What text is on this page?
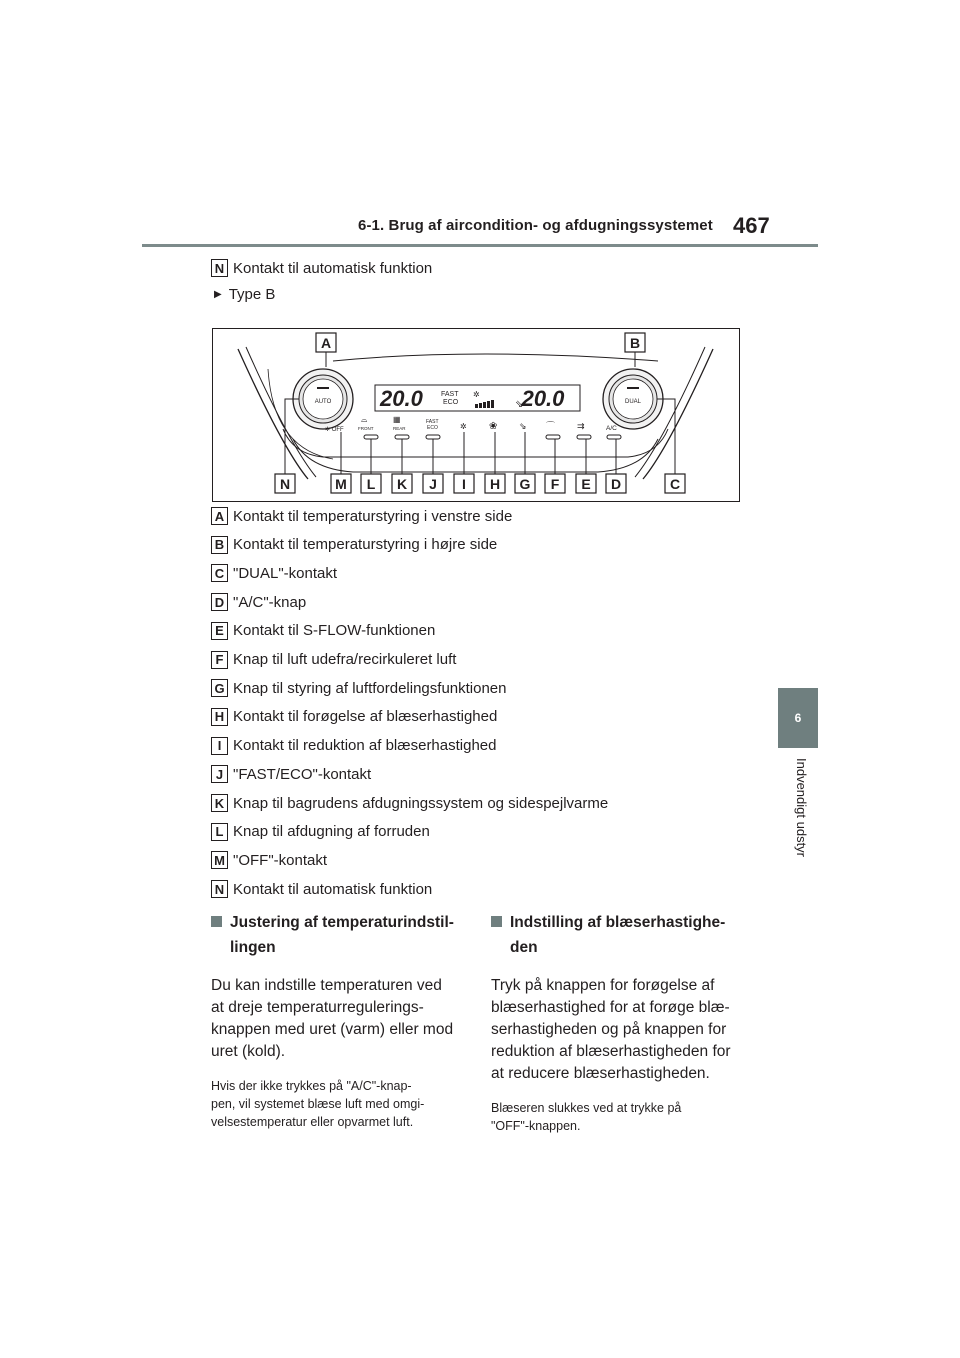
6-1. Brug af aircondition- og afdugningssystemet 467
6
Indvendigt udstyr
N Kontakt til automatisk funktion
▶ Type B
AUTO	DUAL
20.0	20.0
FAST
ECO
✲
⇘
✲ OFF
⌓
FRONT
▦
REAR
FAST
ECO	✲ ❀ ⇘ ⌒ ⇉	A/C
A	B
N	M L K J I H G F E D	C
A Kontakt til temperaturstyring i venstre side
B Kontakt til temperaturstyring i højre side
C "DUAL"-kontakt
D "A/C"-knap
E Kontakt til S-FLOW-funktionen
F Knap til luft udefra/recirkuleret luft
G Knap til styring af luftfordelingsfunktionen
H Kontakt til forøgelse af blæserhastighed
I Kontakt til reduktion af blæserhastighed
J "FAST/ECO"-kontakt
K Knap til bagrudens afdugningssystem og sidespejlvarme
L Knap til afdugning af forruden
M "OFF"-kontakt
N Kontakt til automatisk funktion
Justering af temperaturindstil-
lingen
Du kan indstille temperaturen ved
at dreje temperaturregulerings-
knappen med uret (varm) eller mod
uret (kold).
Hvis der ikke trykkes på "A/C"-knap-
pen, vil systemet blæse luft med omgi-
velsestemperatur eller opvarmet luft.
Indstilling af blæserhastighe-
den
Tryk på knappen for forøgelse af
blæserhastighed for at forøge blæ-
serhastigheden og på knappen for
reduktion af blæserhastigheden for
at reducere blæserhastigheden.
Blæseren slukkes ved at trykke på
"OFF"-knappen.
